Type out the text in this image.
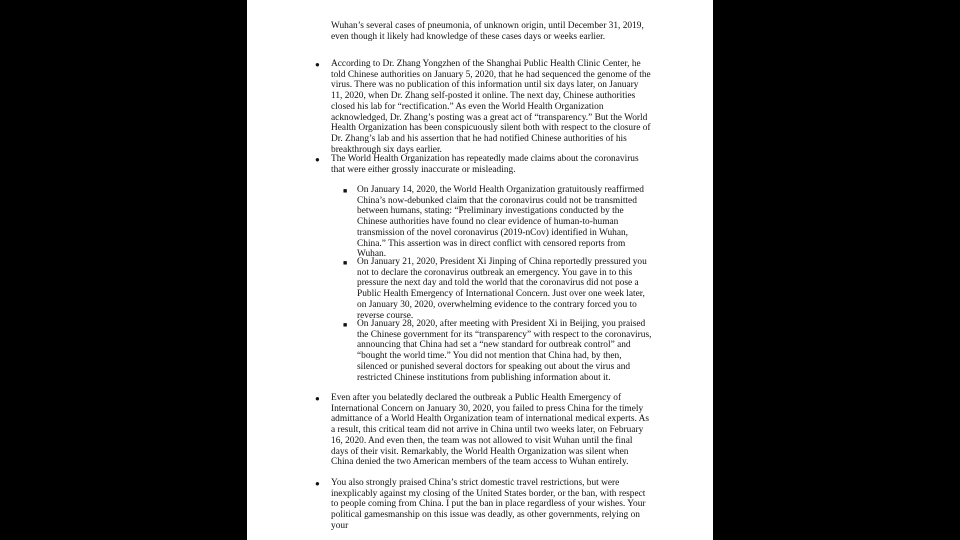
Wuhan’s several cases of pneumonia, of unknown origin, until December 31, 2019, even though it likely had knowledge of these cases days or weeks earlier.

● According to Dr. Zhang Yongzhen of the Shanghai Public Health Clinic Center, he told Chinese authorities on January 5, 2020, that he had sequenced the genome of the virus. There was no publication of this information until six days later, on January 11, 2020, when Dr. Zhang self-posted it online. The next day, Chinese authorities closed his lab for “rectification.” As even the World Health Organization acknowledged, Dr. Zhang’s posting was a great act of “transparency.” But the World Health Organization has been conspicuously silent both with respect to the closure of Dr. Zhang’s lab and his assertion that he had notified Chinese authorities of his breakthrough six days earlier.

● The World Health Organization has repeatedly made claims about the coronavirus that were either grossly inaccurate or misleading.

■ On January 14, 2020, the World Health Organization gratuitously reaffirmed China’s now-debunked claim that the coronavirus could not be transmitted between humans, stating: “Preliminary investigations conducted by the Chinese authorities have found no clear evidence of human-to-human transmission of the novel coronavirus (2019-nCov) identified in Wuhan, China.” This assertion was in direct conflict with censored reports from Wuhan.

■ On January 21, 2020, President Xi Jinping of China reportedly pressured you not to declare the coronavirus outbreak an emergency. You gave in to this pressure the next day and told the world that the coronavirus did not pose a Public Health Emergency of International Concern. Just over one week later, on January 30, 2020, overwhelming evidence to the contrary forced you to reverse course.

■ On January 28, 2020, after meeting with President Xi in Beijing, you praised the Chinese government for its “transparency” with respect to the coronavirus, announcing that China had set a “new standard for outbreak control” and “bought the world time.” You did not mention that China had, by then, silenced or punished several doctors for speaking out about the virus and restricted Chinese institutions from publishing information about it.

● Even after you belatedly declared the outbreak a Public Health Emergency of International Concern on January 30, 2020, you failed to press China for the timely admittance of a World Health Organization team of international medical experts. As a result, this critical team did not arrive in China until two weeks later, on February 16, 2020. And even then, the team was not allowed to visit Wuhan until the final days of their visit. Remarkably, the World Health Organization was silent when China denied the two American members of the team access to Wuhan entirely.

● You also strongly praised China’s strict domestic travel restrictions, but were inexplicably against my closing of the United States border, or the ban, with respect to people coming from China. I put the ban in place regardless of your wishes. Your political gamesmanship on this issue was deadly, as other governments, relying on your
